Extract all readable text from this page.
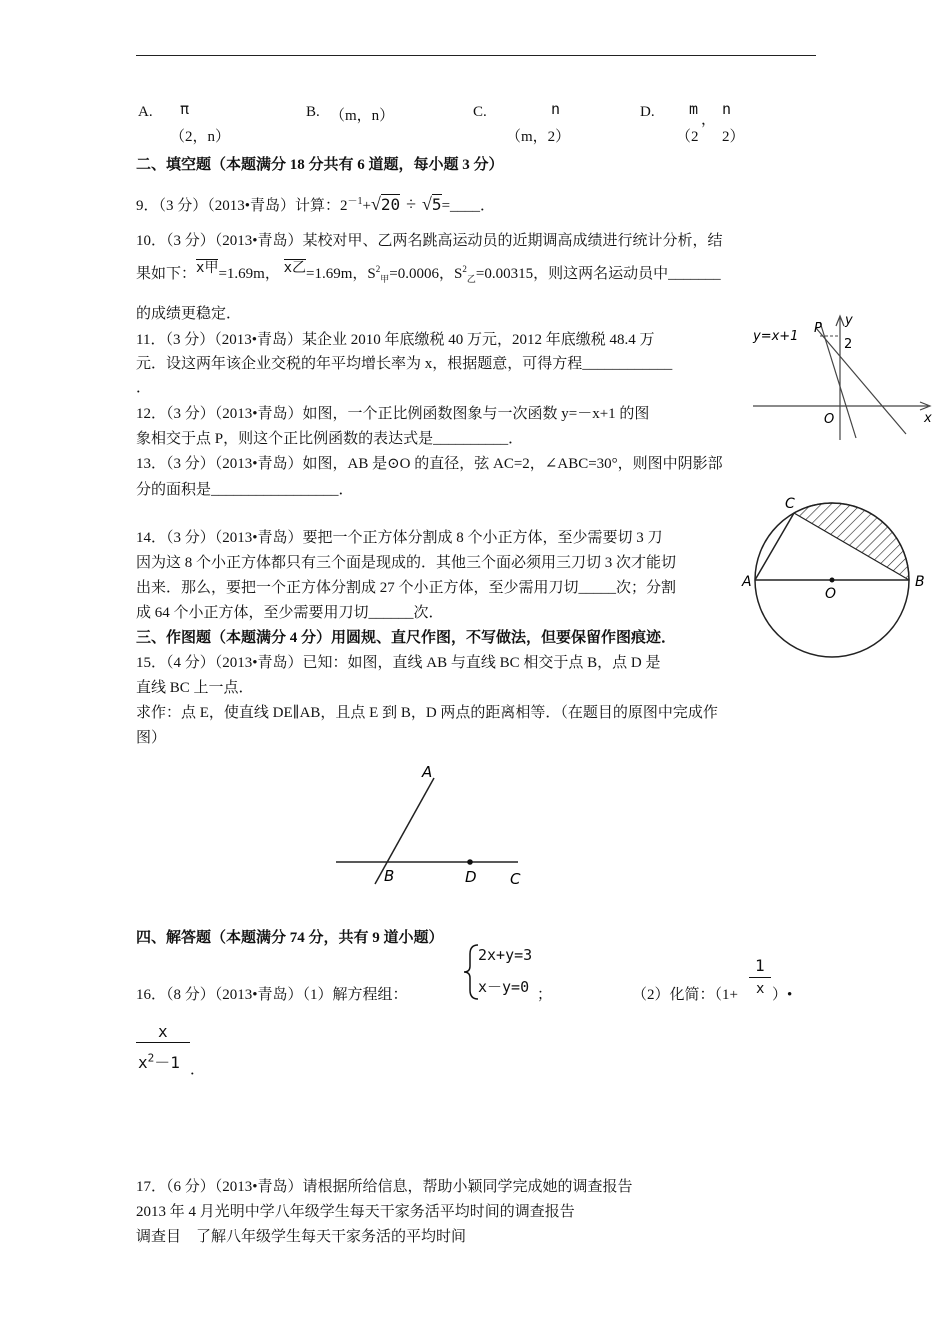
A. π
（2，n）
B. （m，n）	C.	n
（m，2）
D. m
（2
，
n
2）
二、填空题（本题满分 18 分共有 6 道题，每小题 3 分）
9．（3 分）（2013•青岛）计算：$2^{-1}+√20$ ÷ √5=____．
10．（3 分）（2013•青岛）某校对甲、乙两名跳高运动员的近期调高成绩进行统计分析，结
果如下：x甲=1.69m， x乙=1.69m，$S^2_甲=0.0006$，$S^2_乙=0.00315$，则这两名运动员中_______
的成绩更稳定．
11．（3 分）（2013•青岛）某企业 2010 年底缴税 40 万元，2012 年底缴税 48.4 万
元．设这两年该企业交税的年平均增长率为 x，根据题意，可得方程____________
．
12．（3 分）（2013•青岛）如图，一个正比例函数图象与一次函数 y=－x+1 的图
象相交于点 P，则这个正比例函数的表达式是__________．
13．（3 分）（2013•青岛）如图，AB 是⊙O 的直径，弦 AC=2，∠ABC=30°，则图中阴影部
分的面积是_________________．
14．（3 分）（2013•青岛）要把一个正方体分割成 8 个小正方体，至少需要切 3 刀
因为这 8 个小正方体都只有三个面是现成的．其他三个面必须用三刀切 3 次才能切
出来．那么，要把一个正方体分割成 27 个小正方体，至少需用刀切_____次；分割
成 64 个小正方体，至少需要用刀切______次．
三、作图题（本题满分 4 分）用圆规、直尺作图，不写做法，但要保留作图痕迹．
15．（4 分）（2013•青岛）已知：如图，直线 AB 与直线 BC 相交于点 B，点 D 是
直线 BC 上一点．
求作：点 E，使直线 DE∥AB，且点 E 到 B，D 两点的距离相等．（在题目的原图中完成作
图）
四、解答题（本题满分 74 分，共有 9 道小题）
16．（8 分）（2013•青岛）（1）解方程组：
2x+y=3
x－y=0 ；	（2）化简：（1+
1
x ）•
x
$x^2-1$ ．
17．（6 分）（2013•青岛）请根据所给信息，帮助小颖同学完成她的调查报告
2013 年 4 月光明中学八年级学生每天干家务活平均时间的调查报告
调查目　了解八年级学生每天干家务活的平均时间
y=x+1
P
y
2
O	x
A	B
C
O
A
B	D C
